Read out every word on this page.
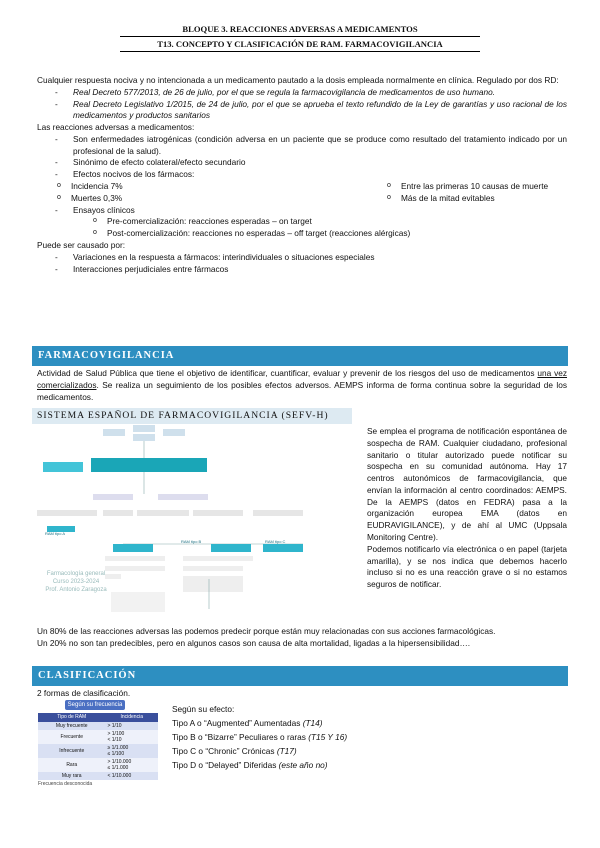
BLOQUE 3. REACCIONES ADVERSAS A MEDICAMENTOS
T13. CONCEPTO Y CLASIFICACIÓN DE RAM. FARMACOVIGILANCIA

Cualquier respuesta nociva y no intencionada a un medicamento pautado a la dosis empleada normalmente en clínica. Regulado por dos RD:

- Real Decreto 577/2013, de 26 de julio, por el que se regula la farmacovigilancia de medicamentos de uso humano.
- Real Decreto Legislativo 1/2015, de 24 de julio, por el que se aprueba el texto refundido de la Ley de garantías y uso racional de los medicamentos y productos sanitarios

Las reacciones adversas a medicamentos:

- Son enfermedades iatrogénicas (condición adversa en un paciente que se produce como resultado del tratamiento indicado por un profesional de la salud).
- Sinónimo de efecto colateral/efecto secundario
- Efectos nocivos de los fármacos:
o Incidencia 7%
o Muertes 0,3%
o Entre las primeras 10 causas de muerte
o Más de la mitad evitables
- Ensayos clínicos
o Pre-comercialización: reacciones esperadas – on target
o Post-comercialización: reacciones no esperadas – off target (reacciones alérgicas)

Puede ser causado por:

- Variaciones en la respuesta a fármacos: interindividuales o situaciones especiales
- Interacciones perjudiciales entre fármacos
FARMACOVIGILANCIA
Actividad de Salud Pública que tiene el objetivo de identificar, cuantificar, evaluar y prevenir de los riesgos del uso de medicamentos una vez comercializados. Se realiza un seguimiento de los posibles efectos adversos. AEMPS informa de forma continua sobre la seguridad de los medicamentos.
SISTEMA ESPAÑOL DE FARMACOVIGILANCIA (SEFV-H)
RAM tipo A
RAM tipo B	RAM tipo C
Farmacología general
Curso 2023-2024
Prof. Antonio Zaragoza

Se emplea el programa de notificación espontánea de sospecha de RAM. Cualquier ciudadano, profesional sanitario o titular autorizado puede notificar su sospecha en su comunidad autónoma. Hay 17 centros autonómicos de farmacovigilancia, que envían la información al centro coordinados: AEMPS. De la AEMPS (datos en FEDRA) pasa a la organización europea EMA (datos en EUDRAVIGILANCE), y de ahí al UMC (Uppsala Monitoring Centre).

Podemos notificarlo vía electrónica o en papel (tarjeta amarilla), y se nos indica que debemos hacerlo incluso si no es una reacción grave o si no estamos seguros de notificar.

Un 80% de las reacciones adversas las podemos predecir porque están muy relacionadas con sus acciones farmacológicas.

Un 20% no son tan predecibles, pero en algunos casos son causa de alta mortalidad, ligadas a la hipersensibilidad….

CLASIFICACIÓN
2 formas de clasificación.
Según su frecuencia
Tipo de RAM	Incidencia
Muy frecuente	> 1/10
Frecuente	> 1/100
< 1/10
Infrecuente	≥ 1/1.000
≤ 1/100
Rara	> 1/10.000
≤ 1/1.000
Muy rara	< 1/10.000
Frecuencia desconocida
Según su efecto:
Tipo A o “Augmented” Aumentadas (T14)
Tipo B o “Bizarre” Peculiares o raras (T15 Y 16)
Tipo C o “Chronic” Crónicas (T17)
Tipo D o “Delayed” Diferidas (este año no)
